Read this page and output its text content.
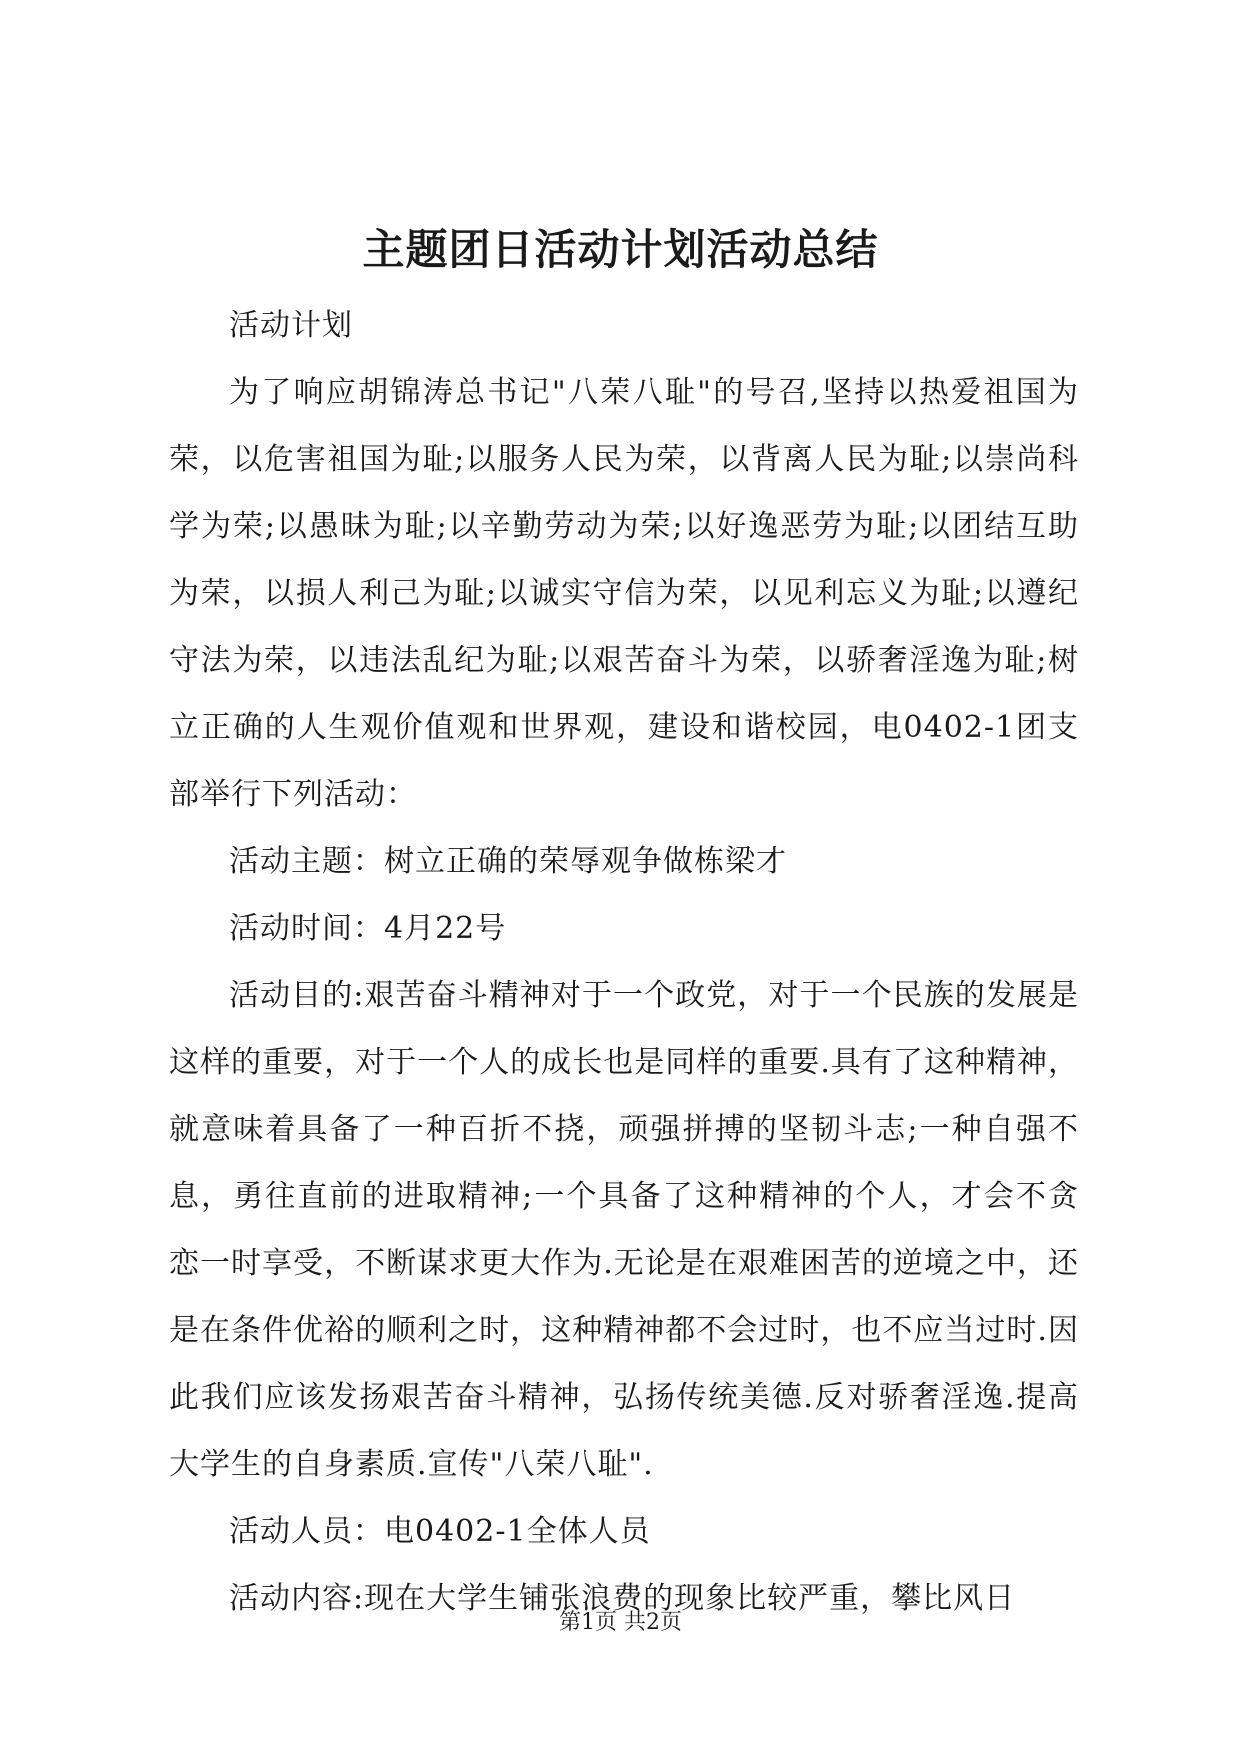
主题团日活动计划活动总结

活动计划

为了响应胡锦涛总书记"八荣八耻"的号召,坚持以热爱祖国为荣，以危害祖国为耻;以服务人民为荣，以背离人民为耻;以崇尚科学为荣;以愚昧为耻;以辛勤劳动为荣;以好逸恶劳为耻;以团结互助为荣，以损人利己为耻;以诚实守信为荣，以见利忘义为耻;以遵纪守法为荣，以违法乱纪为耻;以艰苦奋斗为荣，以骄奢淫逸为耻;树立正确的人生观价值观和世界观，建设和谐校园，电0402-1团支部举行下列活动：

活动主题：树立正确的荣辱观争做栋梁才

活动时间：4月22号

活动目的:艰苦奋斗精神对于一个政党，对于一个民族的发展是这样的重要，对于一个人的成长也是同样的重要.具有了这种精神，就意味着具备了一种百折不挠，顽强拼搏的坚韧斗志;一种自强不息，勇往直前的进取精神;一个具备了这种精神的个人，才会不贪恋一时享受，不断谋求更大作为.无论是在艰难困苦的逆境之中，还是在条件优裕的顺利之时，这种精神都不会过时，也不应当过时.因此我们应该发扬艰苦奋斗精神，弘扬传统美德.反对骄奢淫逸.提高大学生的自身素质.宣传"八荣八耻".

活动人员：电0402-1全体人员

活动内容:现在大学生铺张浪费的现象比较严重，攀比风日

第1页 共2页
